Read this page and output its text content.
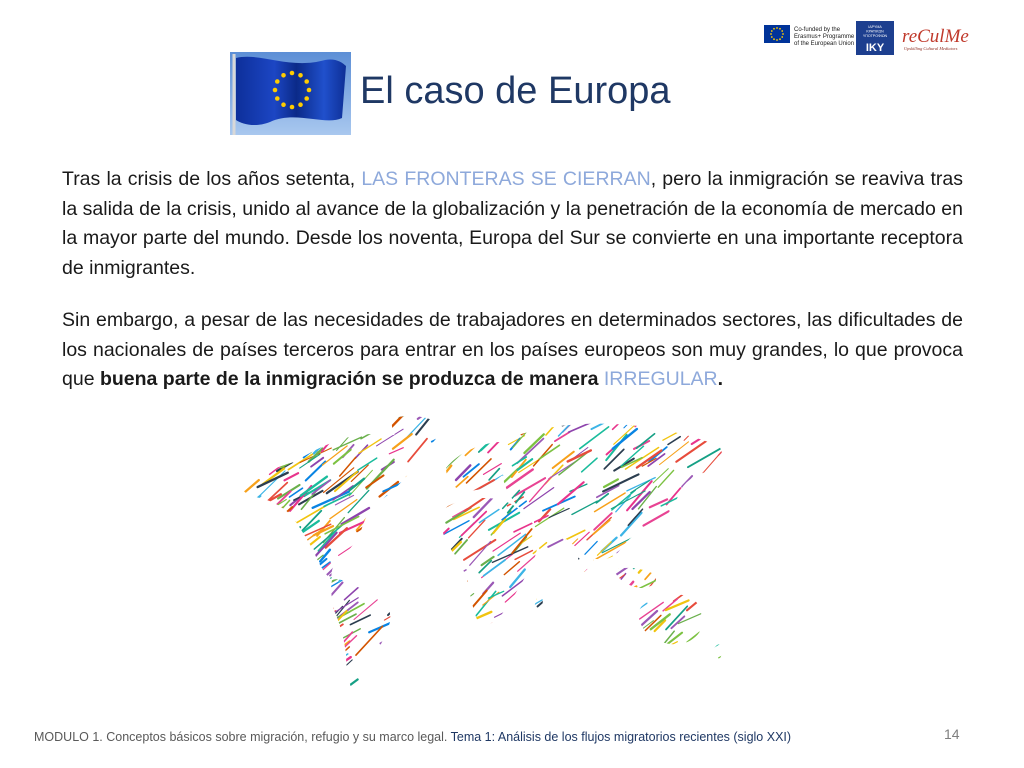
Co-funded by the
Erasmus+ Programme
of the European Union
ΙΔΡΥΜΑ
ΚΡΑΤΙΚΩΝ
ΥΠΟΤΡΟΦΙΩΝ
IKY
reCulMe
Upskilling Cultural Mediators
El caso de Europa

Tras la crisis de los años setenta, LAS FRONTERAS SE CIERRAN, pero la inmigración se reaviva tras la salida de la crisis, unido al avance de la globalización y la penetración de la economía de mercado en la mayor parte del mundo. Desde los noventa, Europa del Sur se convierte en una importante receptora de inmigrantes.

Sin embargo, a pesar de las necesidades de trabajadores en determinados sectores, las dificultades de los nacionales de países terceros para entrar en los países europeos son muy grandes, lo que provoca que buena parte de la inmigración se produzca de manera IRREGULAR.

MODULO 1. Conceptos básicos sobre migración, refugio y su marco legal. Tema 1: Análisis de los flujos migratorios recientes (siglo XXI)	14
